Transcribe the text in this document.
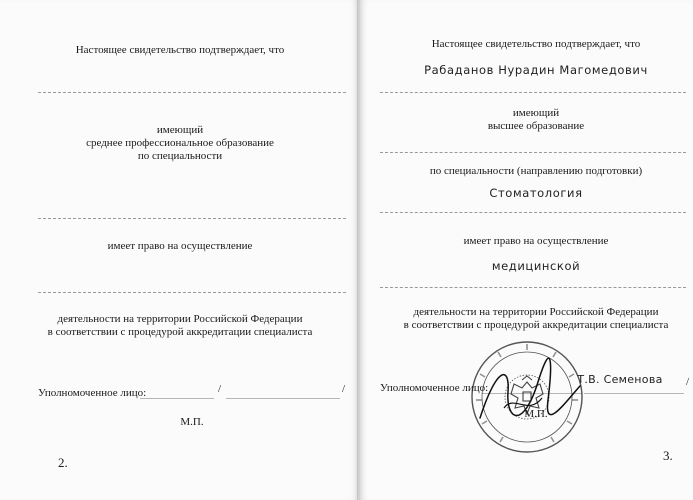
Настоящее свидетельство подтверждает, что
имеющий
среднее профессиональное образование
по специальности
имеет право на осуществление
деятельности на территории Российской Федерации
в соответствии с процедурой аккредитации специалиста
Уполномоченное лицо:	/	/
М.П.
2.
Настоящее свидетельство подтверждает, что
Рабаданов Нурадин Магомедович
имеющий
высшее образование
по специальности (направлению подготовки)
Стоматология
имеет право на осуществление
медицинской
деятельности на территории Российской Федерации
в соответствии с процедурой аккредитации специалиста
Уполномоченное лицо:
Т.В. Семенова /
М.П.
3.
